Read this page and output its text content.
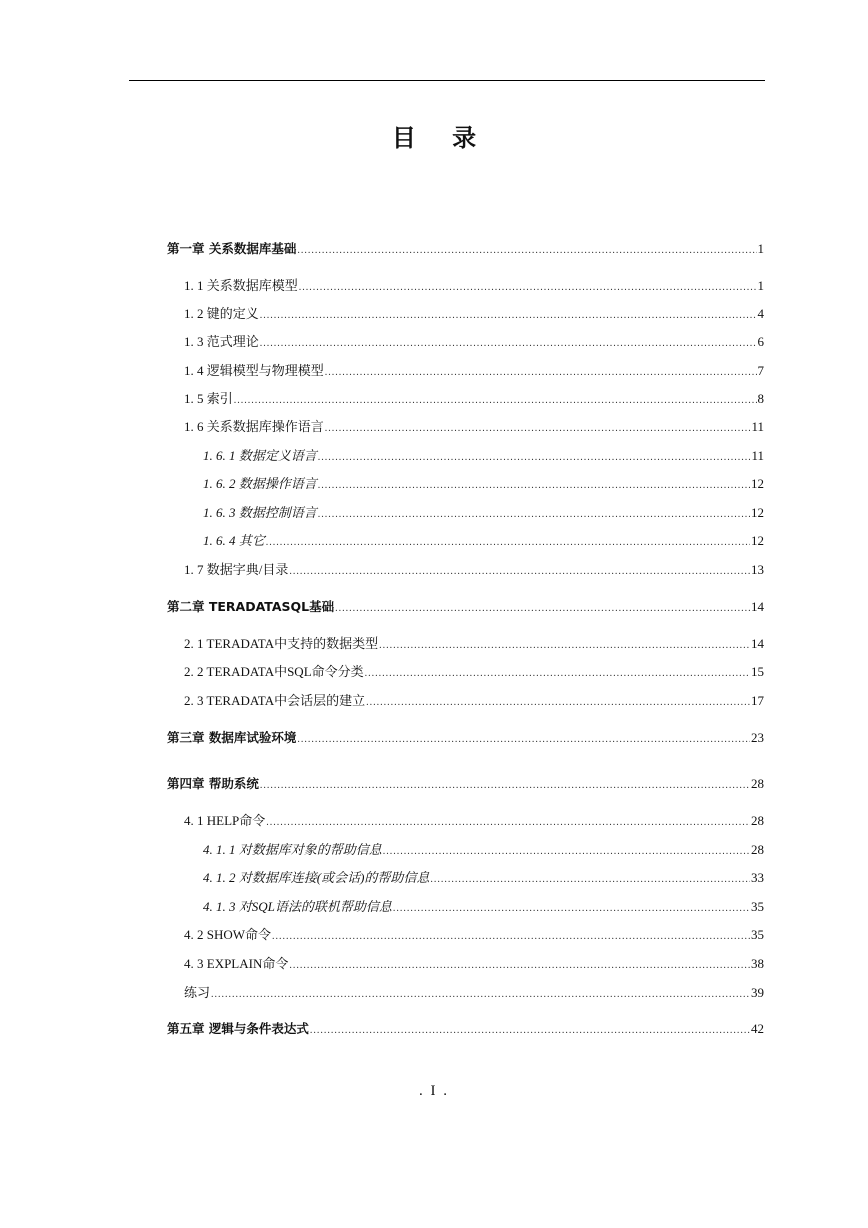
目 录
第一章 关系数据库基础 .....	1
1. 1 关系数据库模型 .....	1
1. 2 键的定义 .....	4
1. 3 范式理论 .....	6
1. 4 逻辑模型与物理模型 .....	7
1. 5 索引 .....	8
1. 6 关系数据库操作语言 .....	11
1. 6. 1 数据定义语言 .....	11
1. 6. 2 数据操作语言 .....	12
1. 6. 3 数据控制语言 .....	12
1. 6. 4 其它 .....	12
1. 7 数据字典/目录 .....	13
第二章 TERADATASQL基础 .....	14
2. 1 TERADATA中支持的数据类型 .....	14
2. 2 TERADATA中SQL命令分类 .....	15
2. 3 TERADATA中会话层的建立 .....	17
第三章 数据库试验环境 .....	23
第四章 帮助系统 .....	28
4. 1 HELP命令 .....	28
4. 1. 1 对数据库对象的帮助信息 .....	28
4. 1. 2 对数据库连接(或会话)的帮助信息 .....	33
4. 1. 3 对SQL语法的联机帮助信息 .....	35
4. 2 SHOW命令 .....	35
4. 3 EXPLAIN命令 .....	38
练习 .....	39
第五章 逻辑与条件表达式 .....	42
. I .
